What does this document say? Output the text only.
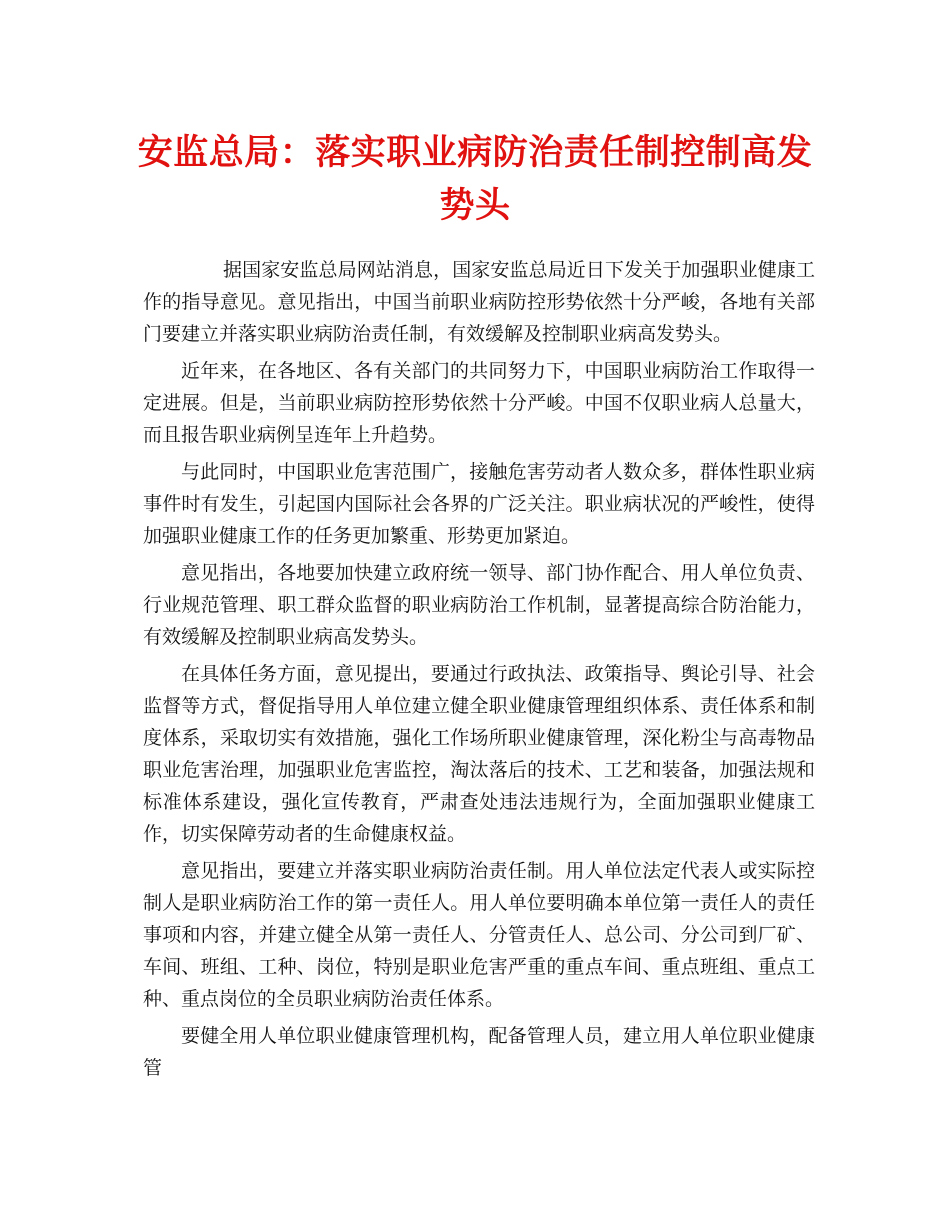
安监总局：落实职业病防治责任制控制高发势头

据国家安监总局网站消息，国家安监总局近日下发关于加强职业健康工作的指导意见。意见指出，中国当前职业病防控形势依然十分严峻，各地有关部门要建立并落实职业病防治责任制，有效缓解及控制职业病高发势头。

近年来，在各地区、各有关部门的共同努力下，中国职业病防治工作取得一定进展。但是，当前职业病防控形势依然十分严峻。中国不仅职业病人总量大，而且报告职业病例呈连年上升趋势。

与此同时，中国职业危害范围广，接触危害劳动者人数众多，群体性职业病事件时有发生，引起国内国际社会各界的广泛关注。职业病状况的严峻性，使得加强职业健康工作的任务更加繁重、形势更加紧迫。

意见指出，各地要加快建立政府统一领导、部门协作配合、用人单位负责、行业规范管理、职工群众监督的职业病防治工作机制，显著提高综合防治能力，有效缓解及控制职业病高发势头。

在具体任务方面，意见提出，要通过行政执法、政策指导、舆论引导、社会监督等方式，督促指导用人单位建立健全职业健康管理组织体系、责任体系和制度体系，采取切实有效措施，强化工作场所职业健康管理，深化粉尘与高毒物品职业危害治理，加强职业危害监控，淘汰落后的技术、工艺和装备，加强法规和标准体系建设，强化宣传教育，严肃查处违法违规行为，全面加强职业健康工作，切实保障劳动者的生命健康权益。

意见指出，要建立并落实职业病防治责任制。用人单位法定代表人或实际控制人是职业病防治工作的第一责任人。用人单位要明确本单位第一责任人的责任事项和内容，并建立健全从第一责任人、分管责任人、总公司、分公司到厂矿、车间、班组、工种、岗位，特别是职业危害严重的重点车间、重点班组、重点工种、重点岗位的全员职业病防治责任体系。

要健全用人单位职业健康管理机构，配备管理人员，建立用人单位职业健康管
